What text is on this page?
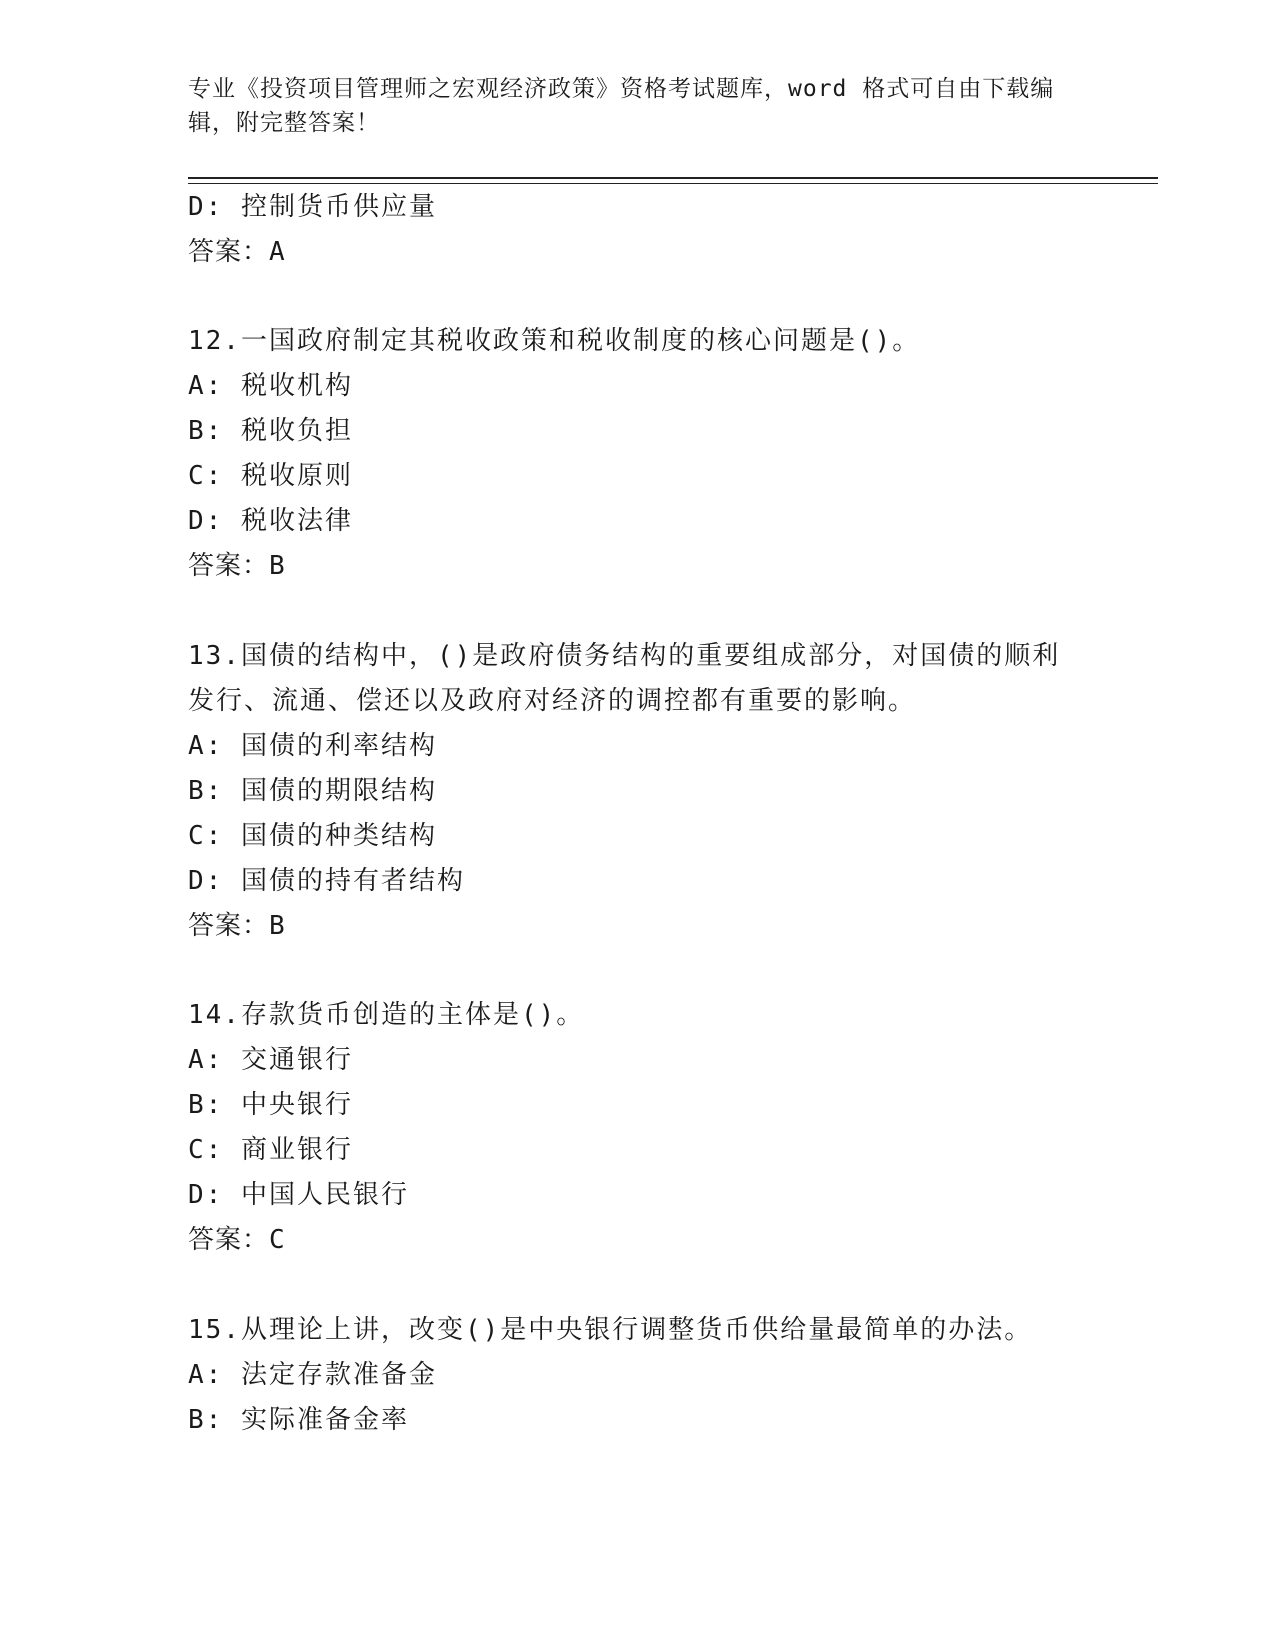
专业《投资项目管理师之宏观经济政策》资格考试题库，word 格式可自由下载编
辑，附完整答案！
D: 控制货币供应量
答案：A
12.一国政府制定其税收政策和税收制度的核心问题是()。
A: 税收机构
B: 税收负担
C: 税收原则
D: 税收法律
答案：B
13.国债的结构中，()是政府债务结构的重要组成部分，对国债的顺利
发行、流通、偿还以及政府对经济的调控都有重要的影响。
A: 国债的利率结构
B: 国债的期限结构
C: 国债的种类结构
D: 国债的持有者结构
答案：B
14.存款货币创造的主体是()。
A: 交通银行
B: 中央银行
C: 商业银行
D: 中国人民银行
答案：C
15.从理论上讲，改变()是中央银行调整货币供给量最简单的办法。
A: 法定存款准备金
B: 实际准备金率
